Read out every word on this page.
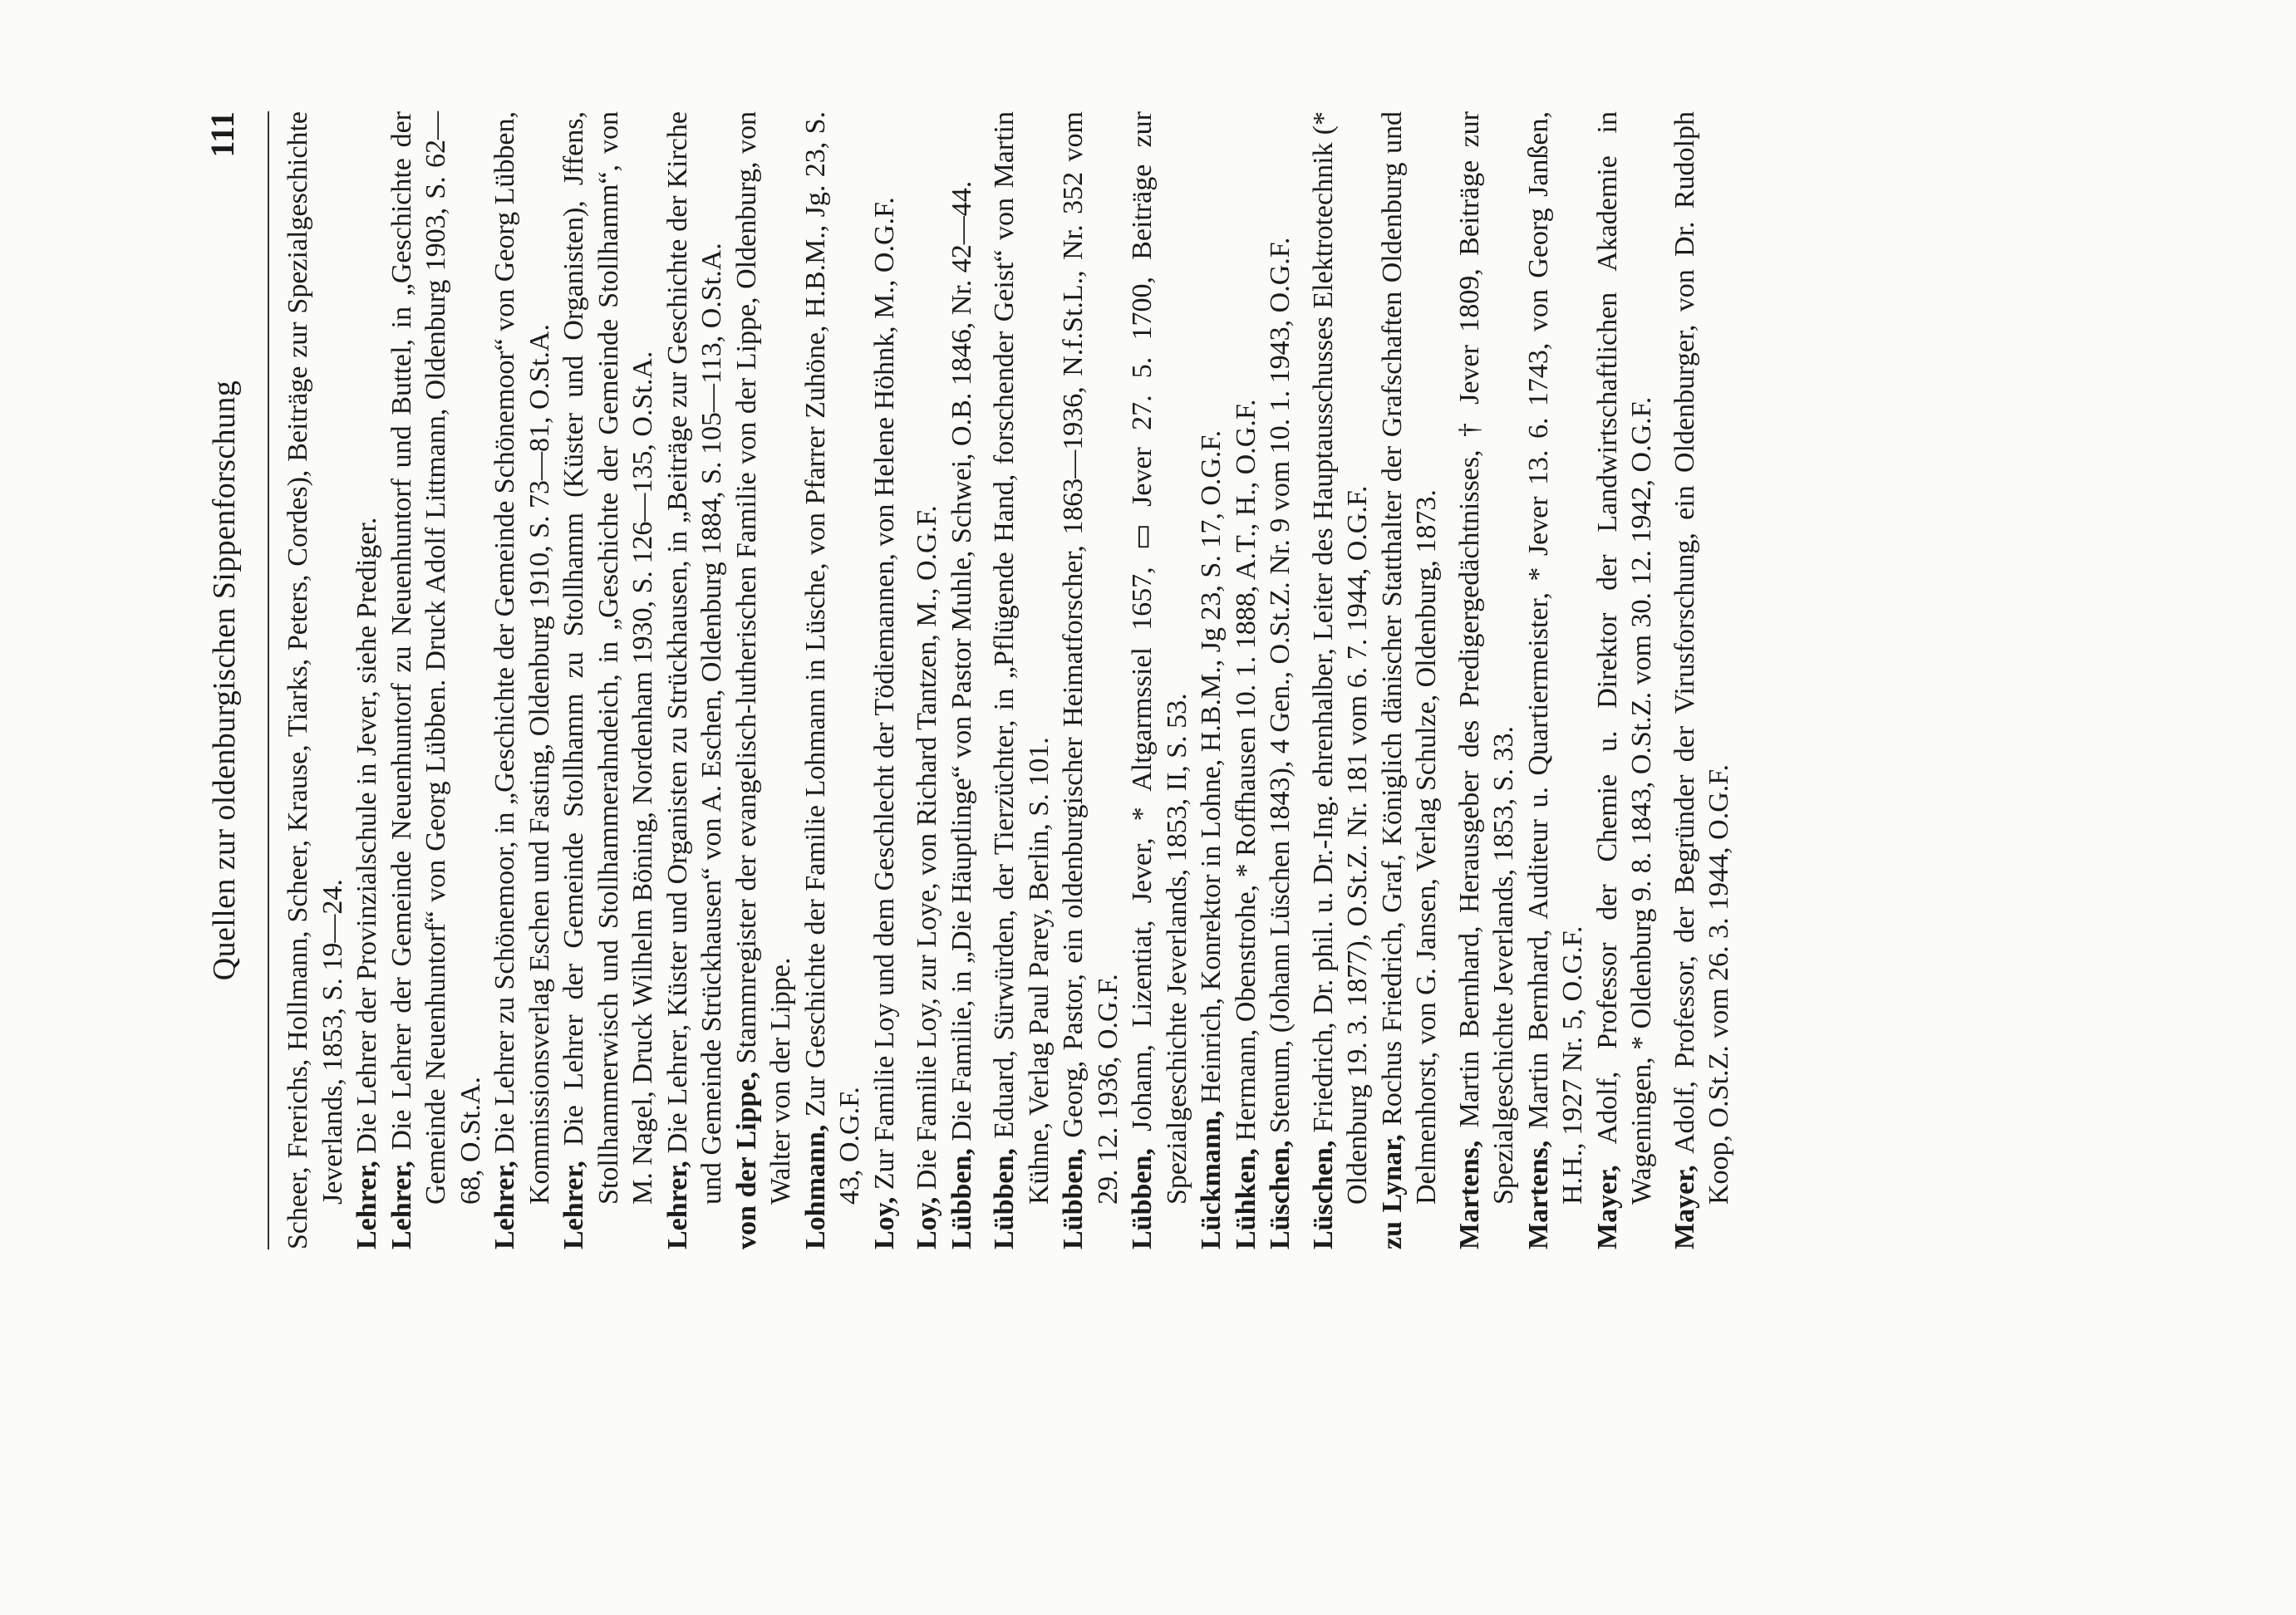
Quellen zur oldenburgischen Sippenforschung
111 Scheer, Frerichs, Hollmann, Scheer, Krause, Tiarks, Peters, Cordes), Beiträge zur Spezialgeschichte Jeverlands, 1853, S. 19—24.

Lehrer, Die Lehrer der Provinzialschule in Jever, siehe Prediger.

Lehrer, Die Lehrer der Gemeinde Neuenhuntorf zu Neuenhuntorf und Buttel, in „Geschichte der Gemeinde Neuenhuntorf“ von Georg Lübben. Druck Adolf Littmann, Oldenburg 1903, S. 62—68, O.St.A.

Lehrer, Die Lehrer zu Schönemoor, in „Geschichte der Gemeinde Schönemoor“ von Georg Lübben, Kommissionsverlag Eschen und Fasting, Oldenburg 1910, S. 73—81, O.St.A.

Lehrer, Die Lehrer der Gemeinde Stollhamm zu Stollhamm (Küster und Organisten), Jffens, Stollhammerwisch und Stollhammerahndeich, in „Geschichte der Gemeinde Stollhamm“, von M. Nagel, Druck Wilhelm Böning, Nordenham 1930, S. 126—135, O.St.A.

Lehrer, Die Lehrer, Küster und Organisten zu Strückhausen, in „Beiträge zur Geschichte der Kirche und Gemeinde Strückhausen“ von A. Eschen, Oldenburg 1884, S. 105—113, O.St.A. von der Lippe, Stammregister der evangelisch-lutherischen Familie von der Lippe, Oldenburg, von Walter von der Lippe. Lohmann, Zur Geschichte der Familie Lohmann in Lüsche, von Pfarrer Zuhöne, H.B.M., Jg. 23, S. 43, O.G.F.

Loy, Zur Familie Loy und dem Geschlecht der Tödiemannen, von Helene Höhnk, M., O.G.F.

Loy, Die Familie Loy, zur Loye, von Richard Tantzen, M., O.G.F.

Lübben, Die Familie, in „Die Häuptlinge“ von Pastor Muhle, Schwei, O.B. 1846, Nr. 42—44.

Lübben, Eduard, Sürwürden, der Tierzüchter, in „Pflügende Hand, forschender Geist“ von Martin Kühne, Verlag Paul Parey, Berlin, S. 101. Lübben, Georg, Pastor, ein oldenburgischer Heimatforscher, 1863—1936, N.f.St.L., Nr. 352 vom 29. 12. 1936, O.G.F. Lübben, Johann, Lizentiat, Jever, * Altgarmssiel 1657, ▭ Jever 27. 5. 1700, Beiträge zur Spezialgeschichte Jeverlands, 1853, II, S. 53. Lückmann, Heinrich, Konrektor in Lohne, H.B.M., Jg 23, S. 17, O.G.F.

Lühken, Hermann, Obenstrohe, * Roffhausen 10. 1. 1888, A.T., H., O.G.F.

Lüschen, Stenum, (Johann Lüschen 1843), 4 Gen., O.St.Z. Nr. 9 vom 10. 1. 1943, O.G.F.

Lüschen, Friedrich, Dr. phil. u. Dr.-Ing. ehrenhalber, Leiter des Hauptausschusses Elektrotechnik (* Oldenburg 19. 3. 1877), O.St.Z. Nr. 181 vom 6. 7. 1944, O.G.F. zu Lynar, Rochus Friedrich, Graf, Königlich dänischer Statthalter der Grafschaften Oldenburg und Delmenhorst, von G. Jansen, Verlag Schulze, Oldenburg, 1873. Martens, Martin Bernhard, Herausgeber des Predigergedächtnisses, † Jever 1809, Beiträge zur Spezialgeschichte Jeverlands, 1853, S. 33. Martens, Martin Bernhard, Auditeur u. Quartiermeister, * Jever 13. 6. 1743, von Georg Janßen, H.H., 1927 Nr. 5, O.G.F.

Mayer, Adolf, Professor der Chemie u. Direktor der Landwirtschaftlichen Akademie in Wageningen, * Oldenburg 9. 8. 1843, O.St.Z. vom 30. 12. 1942, O.G.F.

Mayer, Adolf, Professor, der Begründer der Virusforschung, ein Oldenburger, von Dr. Rudolph Koop, O.St.Z. vom 26. 3. 1944, O.G.F.
